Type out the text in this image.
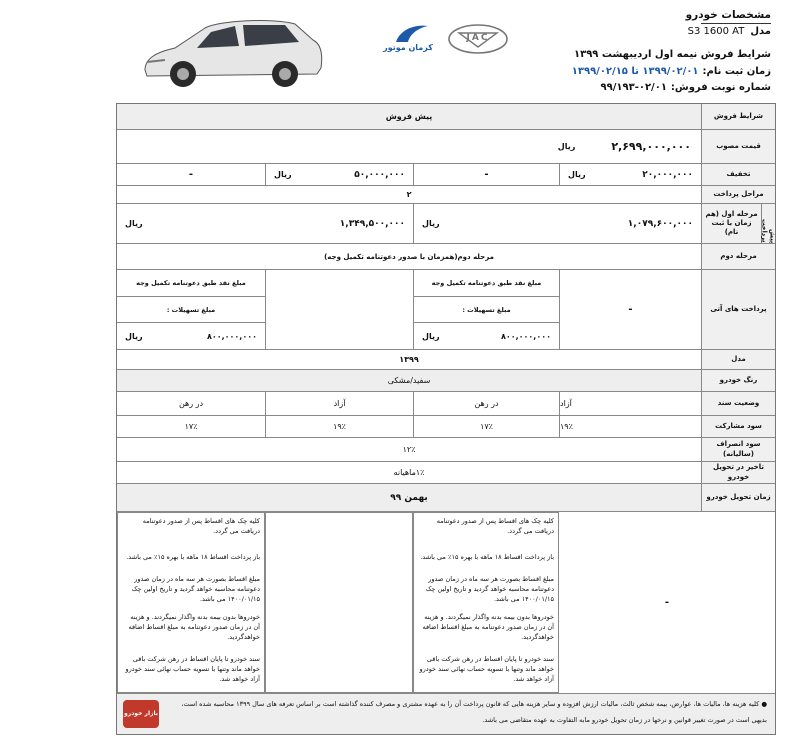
مشخصات خودرو
مدل
S3 1600 AT
شرایط فروش نیمه اول اردیبهشت ۱۳۹۹
زمان ثبت نام:
۱۳۹۹/۰۲/۰۱ تا ۱۳۹۹/۰۲/۱۵
شماره نوبت فروش:
۹۹/۱۹۳-۰۲/۰۱
JAC
کرمان موتور
شرایط فروش
پیش فروش
قیمت مصوب
۲,۶۹۹,۰۰۰,۰۰۰
ریال
تخفیف
۲۰,۰۰۰,۰۰۰
ریال
-
۵۰,۰۰۰,۰۰۰
ریال
-
مراحل پرداخت
۲
مرحله اول (هم زمان با ثبت نام)	پیش پرداخت
۱,۰۷۹,۶۰۰,۰۰۰
ریال
۱,۳۴۹,۵۰۰,۰۰۰
ریال
مرحله دوم
مرحله دوم(همزمان با صدور دعوتنامه تکمیل وجه)
پرداخت های آتی
-
مبلغ نقد طبق دعوتنامه تکمیل وجه
مبلغ تسهیلات :
۸۰۰,۰۰۰,۰۰۰
ریال
مبلغ نقد طبق دعوتنامه تکمیل وجه
مبلغ تسهیلات :
۸۰۰,۰۰۰,۰۰۰
ریال
مدل
۱۳۹۹
رنگ خودرو
سفید/مشکی
وضعیت سند
آزاد
در رهن
آزاد
در رهن
سود مشارکت
۱۹٪
۱۷٪
۱۹٪
۱۷٪
سود انصراف (سالیانه)
۱۲٪
تاخیر در تحویل خودرو
۱٪ماهیانه
زمان تحویل خودرو
بهمن ۹۹
-
کلیه چک های اقساط پس از صدور دعوتنامه دریافت می گردد.
باز پرداخت اقساط ۱۸ ماهه با بهره ۱۵٪ می باشد.
مبلغ اقساط بصورت هر سه ماه در زمان صدور دعوتنامه محاسبه خواهد گردید و تاریخ اولین چک ۱۴۰۰/۰۱/۱۵ می باشد.
خودروها بدون بیمه بدنه واگذار نمیگردند. و هزینه آن در زمان صدور دعوتنامه به مبلغ اقساط اضافه خواهدگردید.
سند خودرو تا پایان اقساط در رهن شرکت باقی خواهد ماند وتنها با تسویه حساب نهائی سند خودرو آزاد خواهد شد.
کلیه چک های اقساط پس از صدور دعوتنامه دریافت می گردد.
باز پرداخت اقساط ۱۸ ماهه با بهره ۱۵٪ می باشد.
مبلغ اقساط بصورت هر سه ماه در زمان صدور دعوتنامه محاسبه خواهد گردید و تاریخ اولین چک ۱۴۰۰/۰۱/۱۵ می باشد.
خودروها بدون بیمه بدنه واگذار نمیگردند. و هزینه آن در زمان صدور دعوتنامه به مبلغ اقساط اضافه خواهدگردید.
سند خودرو تا پایان اقساط در رهن شرکت باقی خواهد ماند وتنها با تسویه حساب نهائی سند خودرو آزاد خواهد شد.
● کلیه هزینه ها، مالیات ها، عوارض، بیمه شخص ثالث، مالیات ارزش افزوده و سایر هزینه هایی که قانون پرداخت آن را به عهده مشتری و مصرف کننده گذاشته است بر اساس تعرفه های سال ۱۳۹۹ محاسبه شده است،
بدیهی است در صورت تغییر قوانین و نرخها در زمان تحویل خودرو مابه التفاوت به عهده متقاضی می باشد.
بازار خودرو
